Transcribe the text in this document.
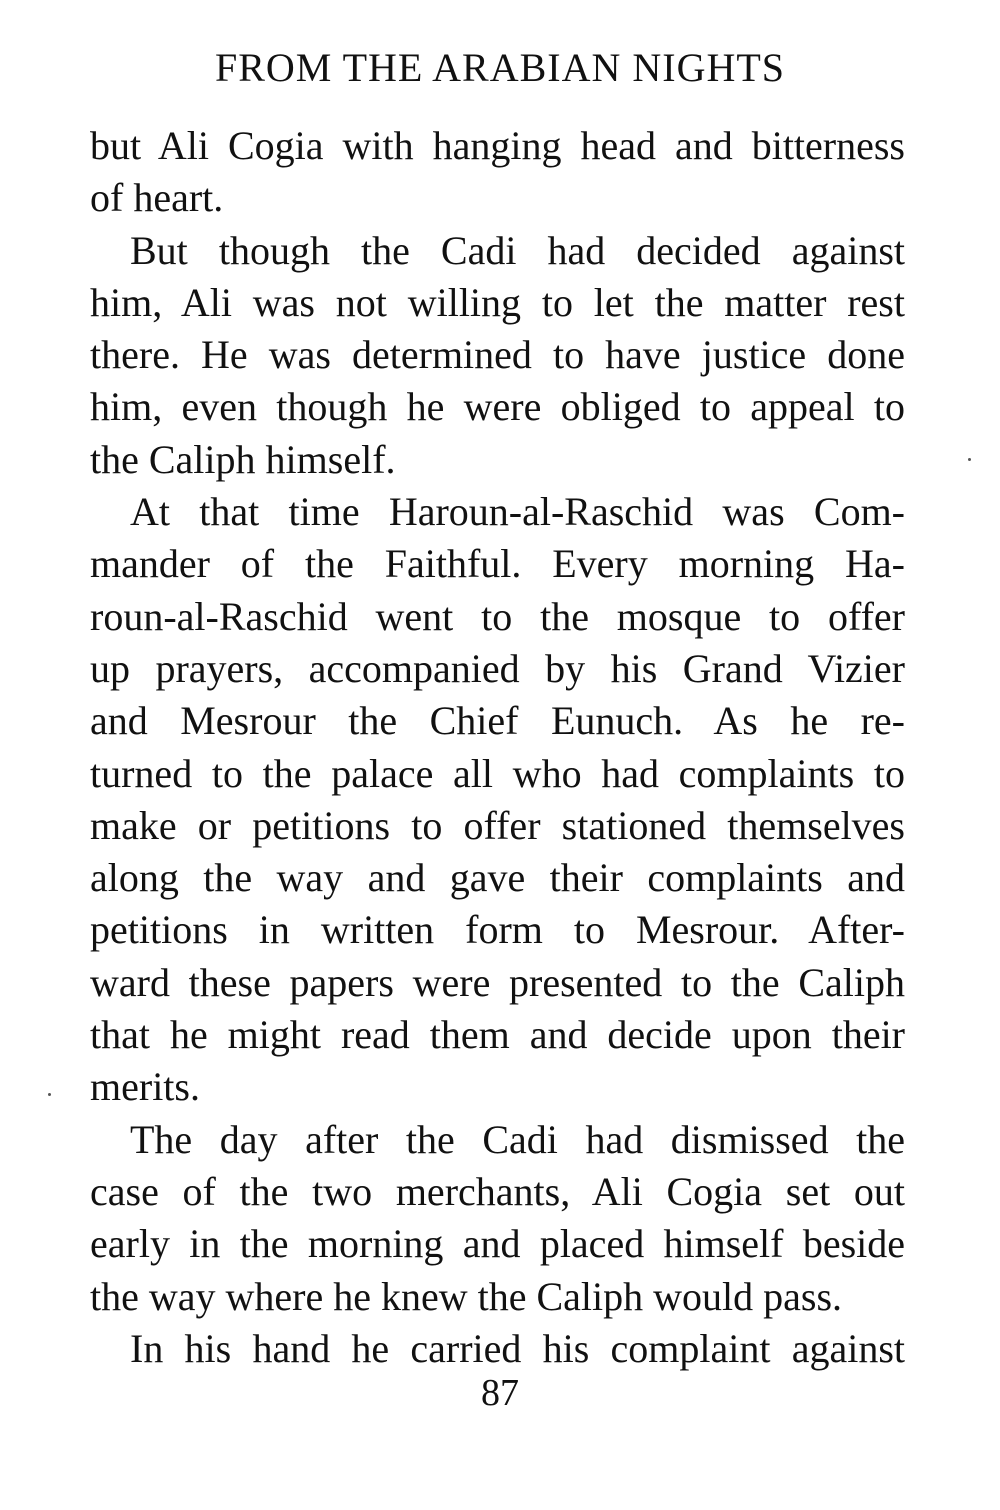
FROM THE ARABIAN NIGHTS
but Ali Cogia with hanging head and bitterness
of heart.
But though the Cadi had decided against
him, Ali was not willing to let the matter rest
there. He was determined to have justice done
him, even though he were obliged to appeal to
the Caliph himself.
At that time Haroun-al-Raschid was Com-
mander of the Faithful. Every morning Ha-
roun-al-Raschid went to the mosque to offer
up prayers, accompanied by his Grand Vizier
and Mesrour the Chief Eunuch. As he re-
turned to the palace all who had complaints to
make or petitions to offer stationed themselves
along the way and gave their complaints and
petitions in written form to Mesrour. After-
ward these papers were presented to the Caliph
that he might read them and decide upon their
merits.
The day after the Cadi had dismissed the
case of the two merchants, Ali Cogia set out
early in the morning and placed himself beside
the way where he knew the Caliph would pass.
In his hand he carried his complaint against
87
